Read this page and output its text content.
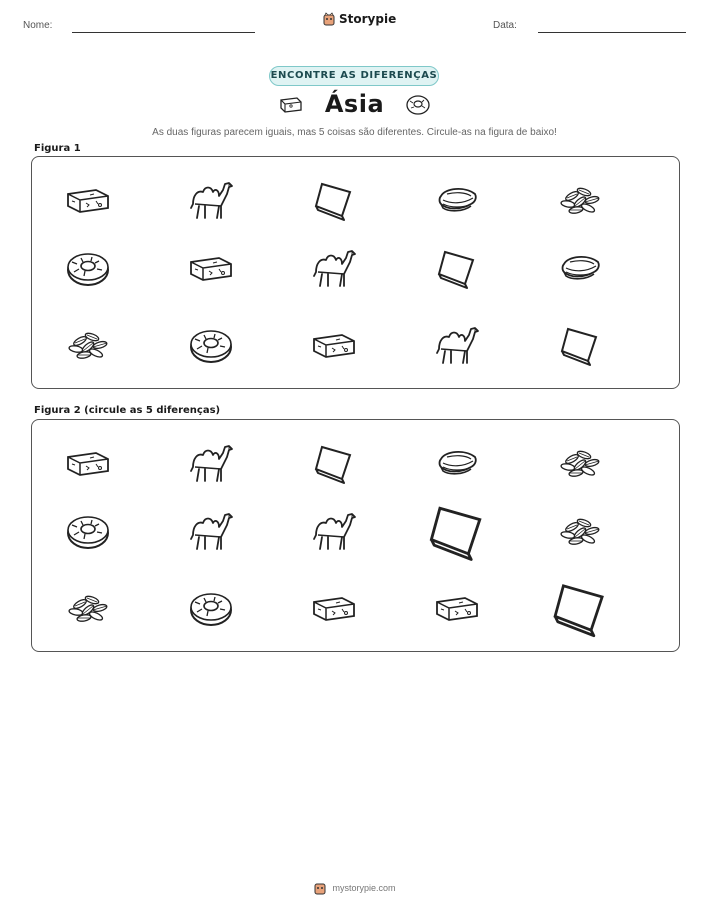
Nome:	Storypie	Data:
ENCONTRE AS DIFERENÇAS
Ásia
As duas figuras parecem iguais, mas 5 coisas são diferentes. Circule-as na figura de baixo!
Figura 1
Figura 2 (circule as 5 diferenças)
mystorypie.com
